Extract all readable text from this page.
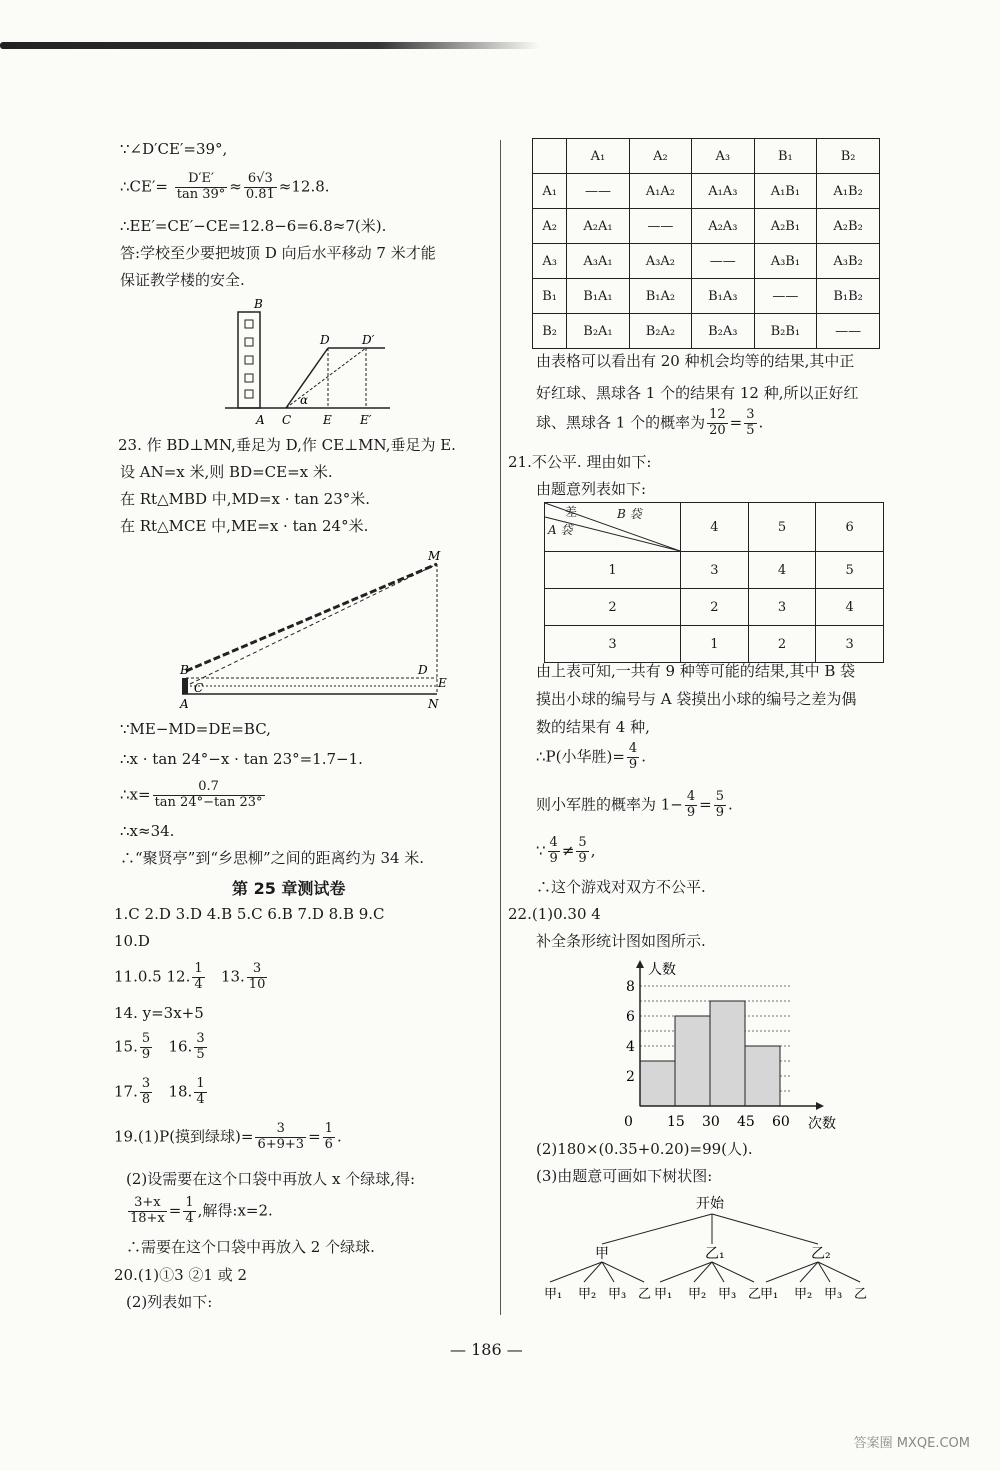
∵∠D′CE′=39°,
∴CE′= $\frac{D'E'}{\tan 39^\circ} \approx \frac{6√3}{0.81} \approx 12.8$.
∴EE′=CE′−CE=12.8−6=6.8≈7(米).
答:学校至少要把坡顶 D 向后水平移动 7 米才能
保证教学楼的安全.
B
D	D′
A C
α
E E′
23. 作 BD⊥MN,垂足为 D,作 CE⊥MN,垂足为 E.
设 AN=x 米,则 BD=CE=x 米.
在 Rt△MBD 中,MD=x · tan 23°米.
在 Rt△MCE 中,ME=x · tan 24°米.
M
B
C
D
E
A	N
∵ME−MD=DE=BC,
∴x · tan 24°−x · tan 23°=1.7−1.
∴x= $\frac{0.7}{\tan 24^\circ-\tan 23^\circ}$
∴x≈34.
∴“聚贤亭”到“乡思柳”之间的距离约为 34 米.
第 25 章测试卷
1.C 2.D 3.D 4.B 5.C 6.B 7.D 8.B 9.C
10.D
11.0.5 12. $\frac{1}{4} 13$. $\frac{3}{10}$
14. y=3x+5
15. $\frac{5}{9} 16$. $\frac{3}{5}$
17. $\frac{3}{8} 18$. $\frac{1}{4}$
19.(1)P(摸到绿球)= $\frac{3}{6+9+3} = \frac{1}{6}$ .
(2)设需要在这个口袋中再放人 x 个绿球,得:
$\frac{3+x}{18+x} = \frac{1}{4}$ ,解得:x=2.
∴需要在这个口袋中再放入 2 个绿球.
20.(1)①3 ②1 或 2
(2)列表如下:
	A₁	A₂	A₃	B₁	B₂
A₁	——	A₁A₂	A₁A₃	A₁B₁	A₁B₂
A₂	A₂A₁	——	A₂A₃	A₂B₁	A₂B₂
A₃	A₃A₁	A₃A₂	——	A₃B₁	A₃B₂
B₁	B₁A₁	B₁A₂	B₁A₃	——	B₁B₂
B₂	B₂A₁	B₂A₂	B₂A₃	B₂B₁	——
由表格可以看出有 20 种机会均等的结果,其中正
好红球、黑球各 1 个的结果有 12 种,所以正好红
球、黑球各 1 个的概率为 $\frac{12}{20} = \frac{3}{5}$ .
21.不公平. 理由如下:
由题意列表如下:
差 B 袋
A 袋	4	5	6
1	3	4	5
2	2	3	4
3	1	2	3
由上表可知,一共有 9 种等可能的结果,其中 B 袋
摸出小球的编号与 A 袋摸出小球的编号之差为偶
数的结果有 4 种,
∴P(小华胜)= $\frac{4}{9}$ .
则小军胜的概率为 $1- \frac{4}{9} = \frac{5}{9}$ .
∵ $\frac{4}{9} \ne \frac{5}{9}$ ,
∴这个游戏对双方不公平.
22.(1)0.30 4
补全条形统计图如图所示.
人数
次数
2
4
6
8
0 15 30 45 60
(2)180×(0.35+0.20)=99(人).
(3)由题意可画如下树状图:
开始
甲	乙₁	乙₂
甲₁ 甲₂ 甲₃ 乙 甲₁ 甲₂ 甲₃ 乙
甲₁ 甲₂ 甲₃ 乙
— 186 —
答案圈 MXQE.COM
